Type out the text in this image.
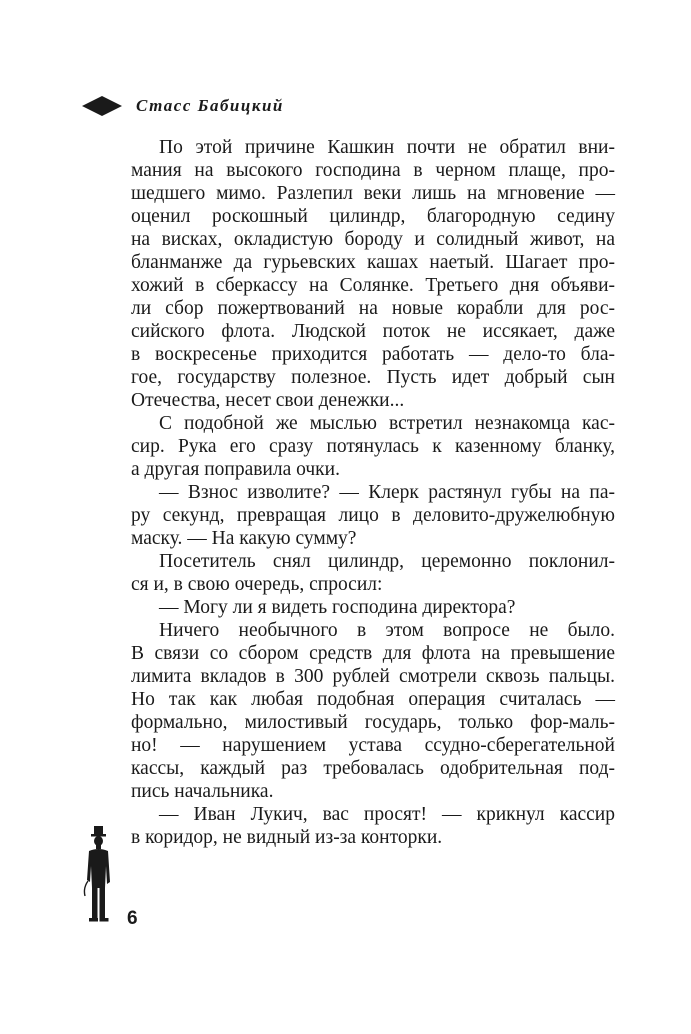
Стасс Бабицкий
По этой причине Кашкин почти не обратил вни-
мания на высокого господина в черном плаще, про-
шедшего мимо. Разлепил веки лишь на мгновение —
оценил роскошный цилиндр, благородную седину
на висках, окладистую бороду и солидный живот, на
бланманже да гурьевских кашах наетый. Шагает про-
хожий в сберкассу на Солянке. Третьего дня объяви-
ли сбор пожертвований на новые корабли для рос-
сийского флота. Людской поток не иссякает, даже
в воскресенье приходится работать — дело-то бла-
гое, государству полезное. Пусть идет добрый сын
Отечества, несет свои денежки...
С подобной же мыслью встретил незнакомца кас-
сир. Рука его сразу потянулась к казенному бланку,
а другая поправила очки.
— Взнос изволите? — Клерк растянул губы на па-
ру секунд, превращая лицо в деловито-дружелюбную
маску. — На какую сумму?
Посетитель снял цилиндр, церемонно поклонил-
ся и, в свою очередь, спросил:
— Могу ли я видеть господина директора?
Ничего необычного в этом вопросе не было.
В связи со сбором средств для флота на превышение
лимита вкладов в 300 рублей смотрели сквозь пальцы.
Но так как любая подобная операция считалась —
формально, милостивый государь, только фор-маль-
но! — нарушением устава ссудно-сберегательной
кассы, каждый раз требовалась одобрительная под-
пись начальника.
— Иван Лукич, вас просят! — крикнул кассир
в коридор, не видный из-за конторки.
6
